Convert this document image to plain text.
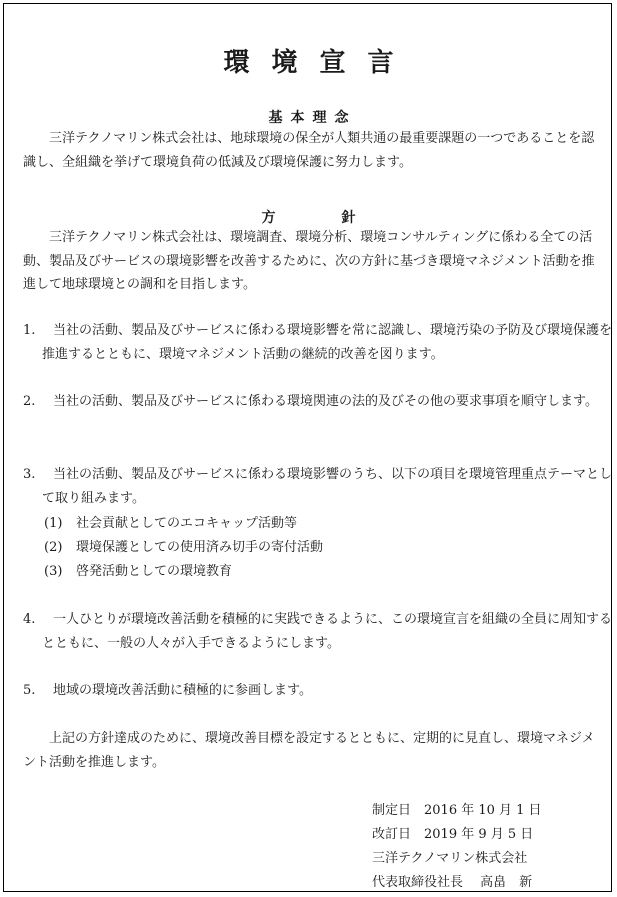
環境宣言
基本理念

三洋テクノマリン株式会社は、地球環境の保全が人類共通の最重要課題の一つであることを認識し、全組織を挙げて環境負荷の低減及び環境保護に努力します。

方針

三洋テクノマリン株式会社は、環境調査、環境分析、環境コンサルティングに係わる全ての活動、製品及びサービスの環境影響を改善するために、次の方針に基づき環境マネジメント活動を推進して地球環境との調和を目指します。

1. 当社の活動、製品及びサービスに係わる環境影響を常に認識し、環境汚染の予防及び環境保護を推進するとともに、環境マネジメント活動の継続的改善を図ります。

2. 当社の活動、製品及びサービスに係わる環境関連の法的及びその他の要求事項を順守します。

3. 当社の活動、製品及びサービスに係わる環境影響のうち、以下の項目を環境管理重点テーマとして取り組みます。

(1) 社会貢献としてのエコキャップ活動等

(2) 環境保護としての使用済み切手の寄付活動

(3) 啓発活動としての環境教育

4. 一人ひとりが環境改善活動を積極的に実践できるように、この環境宣言を組織の全員に周知するとともに、一般の人々が入手できるようにします。

5. 地域の環境改善活動に積極的に参画します。

上記の方針達成のために、環境改善目標を設定するとともに、定期的に見直し、環境マネジメント活動を推進します。

制定日　2016 年 10 月 1 日

改訂日　2019 年 9 月 5 日

三洋テクノマリン株式会社

代表取締役社長　 高畠　新
